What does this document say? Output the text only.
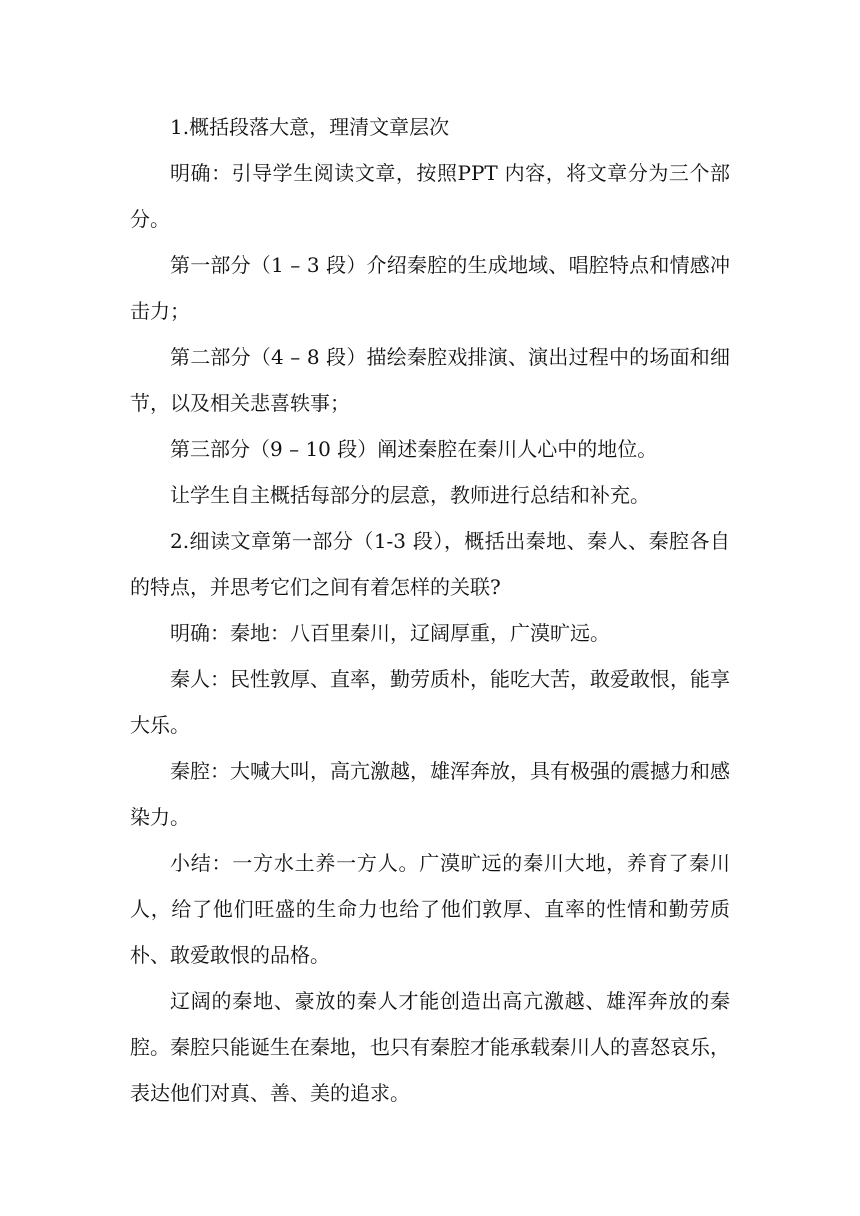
1.概括段落大意，理清文章层次

明确：引导学生阅读文章，按照PPT 内容，将文章分为三个部分。

第一部分（1 – 3 段）介绍秦腔的生成地域、唱腔特点和情感冲击力；

第二部分（4 – 8 段）描绘秦腔戏排演、演出过程中的场面和细节，以及相关悲喜轶事；

第三部分（9 – 10 段）阐述秦腔在秦川人心中的地位。

让学生自主概括每部分的层意，教师进行总结和补充。

2.细读文章第一部分（1-3 段），概括出秦地、秦人、秦腔各自的特点，并思考它们之间有着怎样的关联?

明确：秦地：八百里秦川，辽阔厚重，广漠旷远。

秦人：民性敦厚、直率，勤劳质朴，能吃大苦，敢爱敢恨，能享大乐。

秦腔：大喊大叫，高亢激越，雄浑奔放，具有极强的震撼力和感染力。

小结：一方水土养一方人。广漠旷远的秦川大地，养育了秦川人，给了他们旺盛的生命力也给了他们敦厚、直率的性情和勤劳质朴、敢爱敢恨的品格。

辽阔的秦地、豪放的秦人才能创造出高亢激越、雄浑奔放的秦腔。秦腔只能诞生在秦地，也只有秦腔才能承载秦川人的喜怒哀乐，表达他们对真、善、美的追求。
